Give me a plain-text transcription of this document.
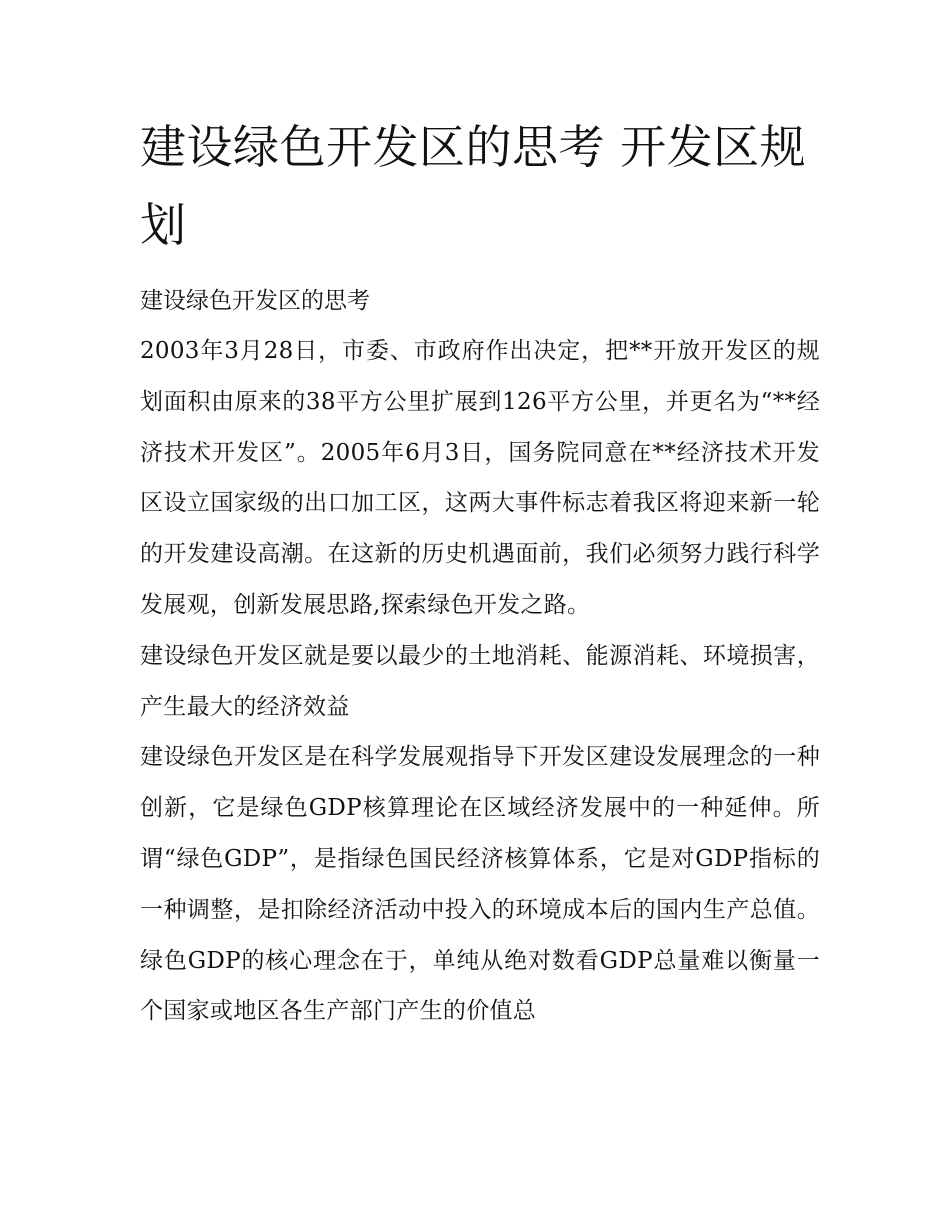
建设绿色开发区的思考 开发区规划

建设绿色开发区的思考

2003年3月28日，市委、市政府作出决定，把**开放开发区的规划面积由原来的38平方公里扩展到126平方公里，并更名为“**经济技术开发区”。2005年6月3日，国务院同意在**经济技术开发区设立国家级的出口加工区，这两大事件标志着我区将迎来新一轮的开发建设高潮。在这新的历史机遇面前，我们必须努力践行科学发展观，创新发展思路,探索绿色开发之路。

建设绿色开发区就是要以最少的土地消耗、能源消耗、环境损害，产生最大的经济效益

建设绿色开发区是在科学发展观指导下开发区建设发展理念的一种创新，它是绿色GDP核算理论在区域经济发展中的一种延伸。所谓“绿色GDP”，是指绿色国民经济核算体系，它是对GDP指标的一种调整，是扣除经济活动中投入的环境成本后的国内生产总值。绿色GDP的核心理念在于，单纯从绝对数看GDP总量难以衡量一个国家或地区各生产部门产生的价值总
